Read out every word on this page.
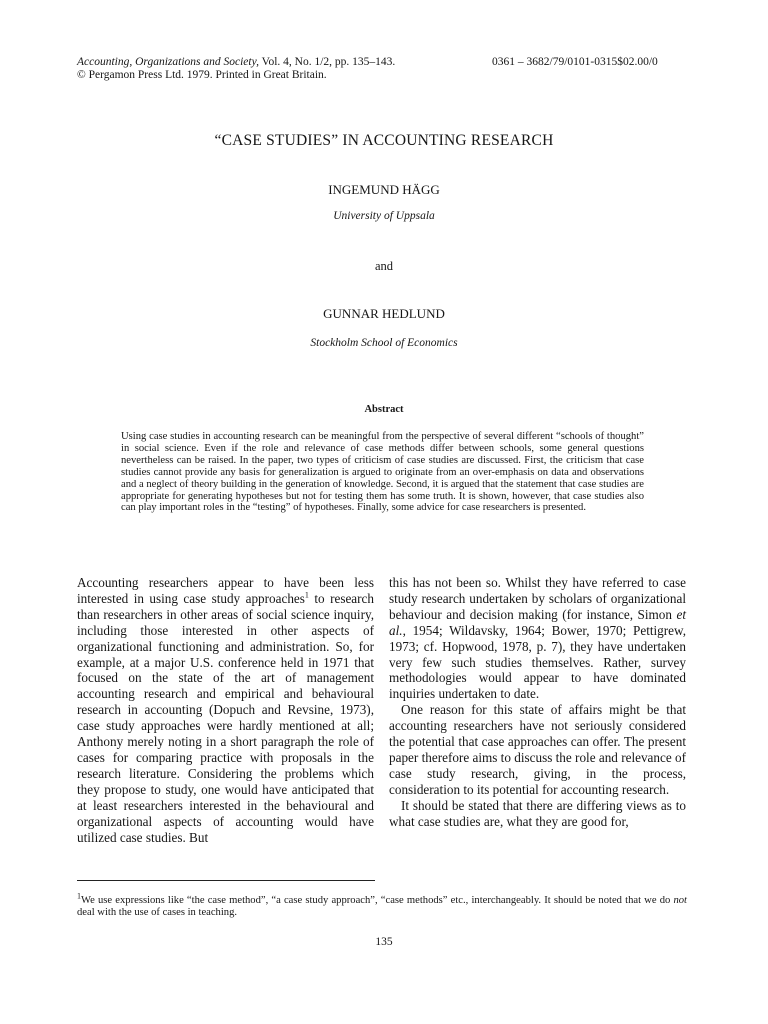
Accounting, Organizations and Society, Vol. 4, No. 1/2, pp. 135–143.
© Pergamon Press Ltd. 1979. Printed in Great Britain.
0361 – 3682/79/0101-0315$02.00/0
“CASE STUDIES” IN ACCOUNTING RESEARCH
INGEMUND HÄGG
University of Uppsala
and
GUNNAR HEDLUND
Stockholm School of Economics
Abstract
Using case studies in accounting research can be meaningful from the perspective of several different “schools of thought” in social science. Even if the role and relevance of case methods differ between schools, some general questions nevertheless can be raised. In the paper, two types of criticism of case studies are discussed. First, the criticism that case studies cannot provide any basis for generalization is argued to originate from an over-emphasis on data and observations and a neglect of theory building in the generation of knowledge. Second, it is argued that the statement that case studies are appropriate for generating hypotheses but not for testing them has some truth. It is shown, however, that case studies also can play important roles in the “testing” of hypotheses. Finally, some advice for case researchers is presented.

Accounting researchers appear to have been less interested in using case study approaches$^1$ to research than researchers in other areas of social science inquiry, including those interested in other aspects of organizational functioning and administration. So, for example, at a major U.S. conference held in 1971 that focused on the state of the art of management accounting research and empirical and behavioural research in accounting (Dopuch and Revsine, 1973), case study approaches were hardly mentioned at all; Anthony merely noting in a short paragraph the role of cases for comparing practice with proposals in the research literature. Considering the problems which they propose to study, one would have anticipated that at least researchers interested in the behavioural and organizational aspects of accounting would have utilized case studies. But

this has not been so. Whilst they have referred to case study research undertaken by scholars of organizational behaviour and decision making (for instance, Simon et al., 1954; Wildavsky, 1964; Bower, 1970; Pettigrew, 1973; cf. Hopwood, 1978, p. 7), they have undertaken very few such studies themselves. Rather, survey methodologies would appear to have dominated inquiries undertaken to date.

One reason for this state of affairs might be that accounting researchers have not seriously considered the potential that case approaches can offer. The present paper therefore aims to discuss the role and relevance of case study research, giving, in the process, consideration to its potential for accounting research.

It should be stated that there are differing views as to what case studies are, what they are good for,

$^1$We use expressions like “the case method”, “a case study approach”, “case methods” etc., interchangeably. It should be noted that we do not deal with the use of cases in teaching.
135
